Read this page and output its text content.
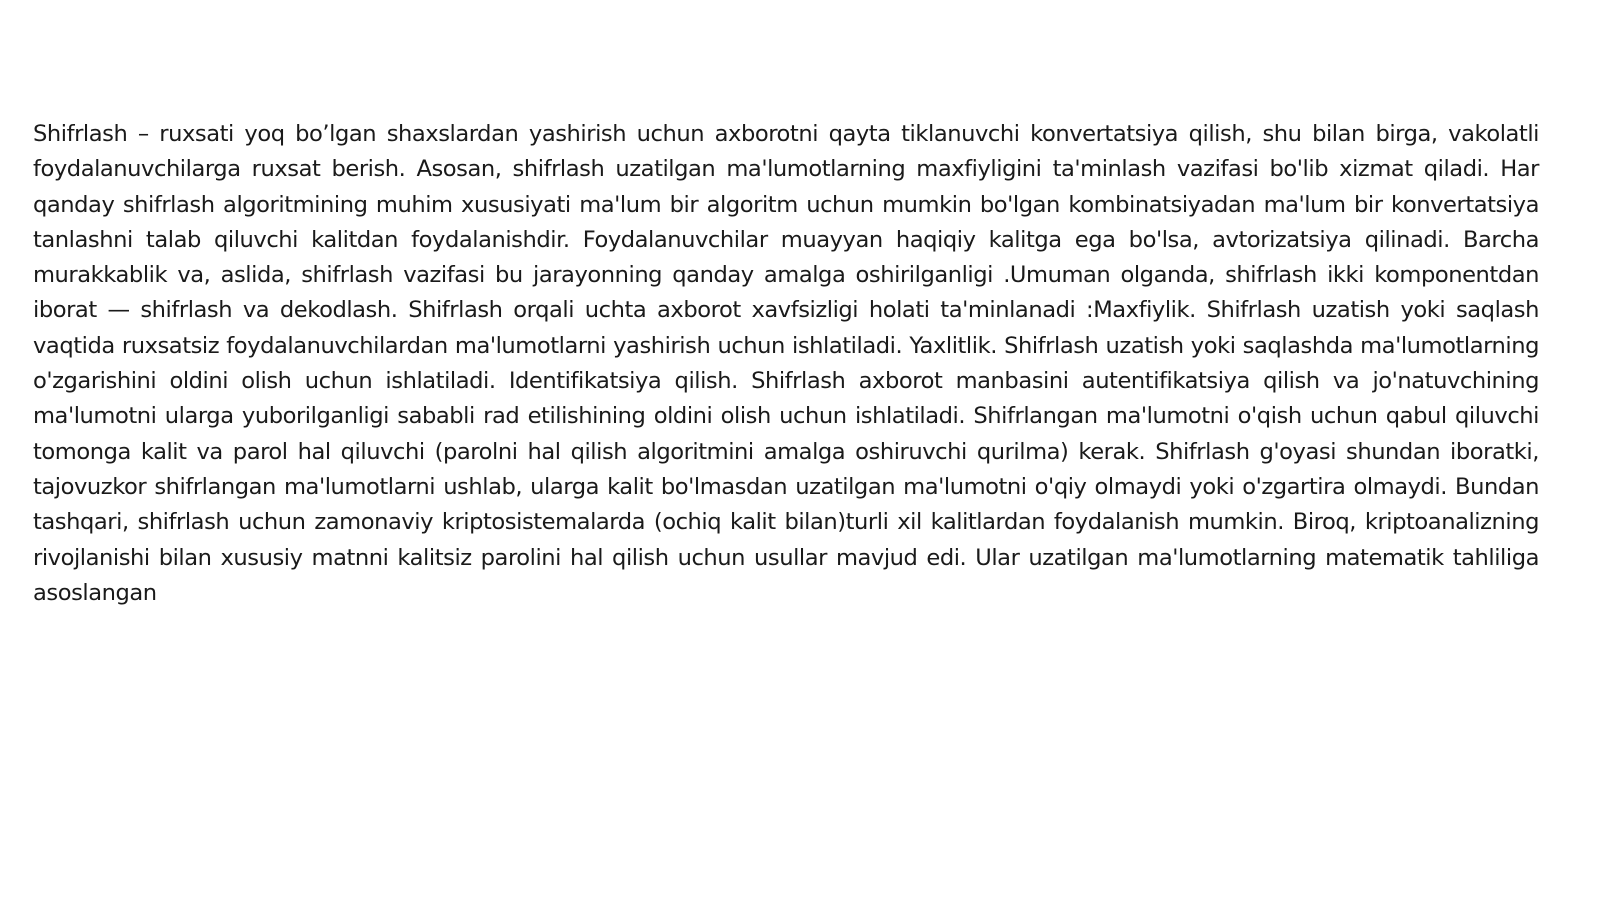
Shifrlash – ruxsati yoq bo’lgan shaxslardan yashirish uchun axborotni qayta tiklanuvchi konvertatsiya qilish, shu bilan birga, vakolatli foydalanuvchilarga ruxsat berish. Asosan, shifrlash uzatilgan ma'lumotlarning maxfiyligini ta'minlash vazifasi bo'lib xizmat qiladi. Har qanday shifrlash algoritmining muhim xususiyati ma'lum bir algoritm uchun mumkin bo'lgan kombinatsiyadan ma'lum bir konvertatsiya tanlashni talab qiluvchi kalitdan foydalanishdir. Foydalanuvchilar muayyan haqiqiy kalitga ega bo'lsa, avtorizatsiya qilinadi. Barcha murakkablik va, aslida, shifrlash vazifasi bu jarayonning qanday amalga oshirilganligi .Umuman olganda, shifrlash ikki komponentdan iborat — shifrlash va dekodlash. Shifrlash orqali uchta axborot xavfsizligi holati ta'minlanadi :Maxfiylik. Shifrlash uzatish yoki saqlash vaqtida ruxsatsiz foydalanuvchilardan ma'lumotlarni yashirish uchun ishlatiladi. Yaxlitlik. Shifrlash uzatish yoki saqlashda ma'lumotlarning o'zgarishini oldini olish uchun ishlatiladi. Identifikatsiya qilish. Shifrlash axborot manbasini autentifikatsiya qilish va jo'natuvchining ma'lumotni ularga yuborilganligi sababli rad etilishining oldini olish uchun ishlatiladi. Shifrlangan ma'lumotni o'qish uchun qabul qiluvchi tomonga kalit va parol hal qiluvchi (parolni hal qilish algoritmini amalga oshiruvchi qurilma) kerak. Shifrlash g'oyasi shundan iboratki, tajovuzkor shifrlangan ma'lumotlarni ushlab, ularga kalit bo'lmasdan uzatilgan ma'lumotni o'qiy olmaydi yoki o'zgartira olmaydi. Bundan tashqari, shifrlash uchun zamonaviy kriptosistemalarda (ochiq kalit bilan)turli xil kalitlardan foydalanish mumkin. Biroq, kriptoanalizning rivojlanishi bilan xususiy matnni kalitsiz parolini hal qilish uchun usullar mavjud edi. Ular uzatilgan ma'lumotlarning matematik tahliliga asoslangan
